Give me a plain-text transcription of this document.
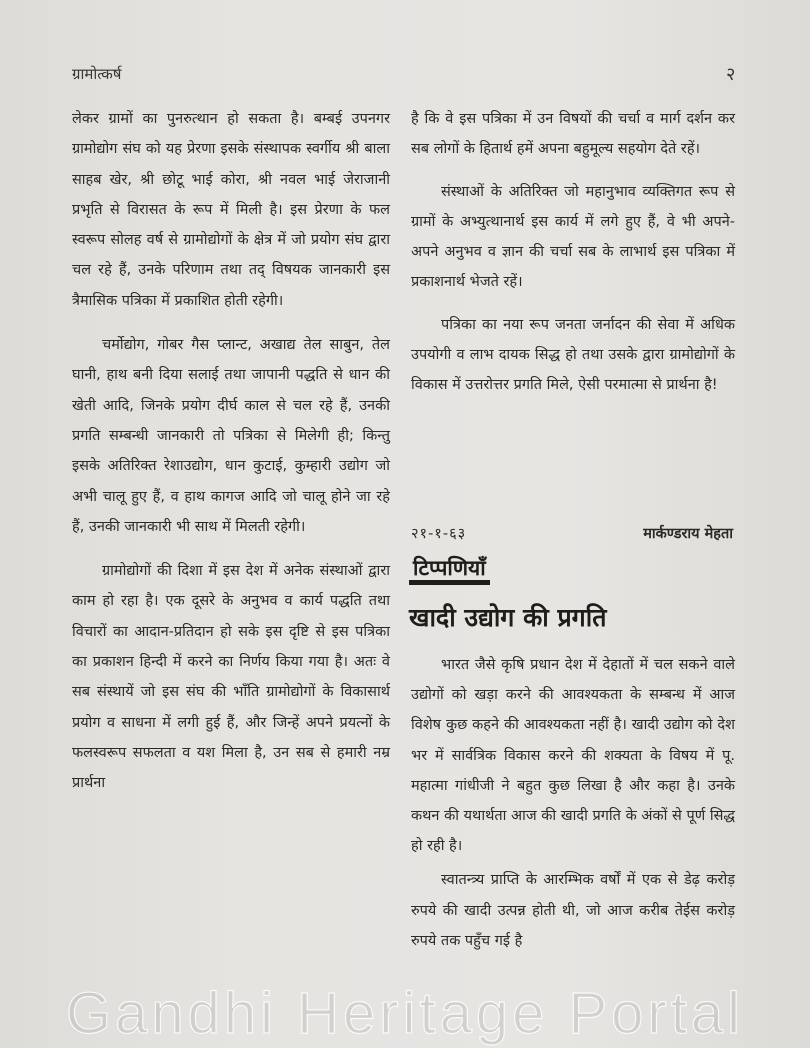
ग्रामोत्कर्ष	२

लेकर ग्रामों का पुनरुत्थान हो सकता है। बम्बई उपनगर ग्रामोद्योग संघ को यह प्रेरणा इसके संस्थापक स्वर्गीय श्री बाला साहब खेर, श्री छोटू भाई कोरा, श्री नवल भाई जेराजानी प्रभृति से विरासत के रूप में मिली है। इस प्रेरणा के फल स्वरूप सोलह वर्ष से ग्रामोद्योगों के क्षेत्र में जो प्रयोग संघ द्वारा चल रहे हैं, उनके परिणाम तथा तद् विषयक जानकारी इस त्रैमासिक पत्रिका में प्रकाशित होती रहेगी।

चर्मोद्योग, गोबर गैस प्लान्ट, अखाद्य तेल साबुन, तेल घानी, हाथ बनी दिया सलाई तथा जापानी पद्धति से धान की खेती आदि, जिनके प्रयोग दीर्घ काल से चल रहे हैं, उनकी प्रगति सम्बन्धी जानकारी तो पत्रिका से मिलेगी ही; किन्तु इसके अतिरिक्त रेशाउद्योग, धान कुटाई, कुम्हारी उद्योग जो अभी चालू हुए हैं, व हाथ कागज आदि जो चालू होने जा रहे हैं, उनकी जानकारी भी साथ में मिलती रहेगी।

ग्रामोद्योगों की दिशा में इस देश में अनेक संस्थाओं द्वारा काम हो रहा है। एक दूसरे के अनुभव व कार्य पद्धति तथा विचारों का आदान-प्रतिदान हो सके इस दृष्टि से इस पत्रिका का प्रकाशन हिन्दी में करने का निर्णय किया गया है। अतः वे सब संस्थायें जो इस संघ की भाँति ग्रामोद्योगों के विकासार्थ प्रयोग व साधना में लगी हुई हैं, और जिन्हें अपने प्रयत्नों के फलस्वरूप सफलता व यश मिला है, उन सब से हमारी नम्र प्रार्थना

है कि वे इस पत्रिका में उन विषयों की चर्चा व मार्ग दर्शन कर सब लोगों के हितार्थ हमें अपना बहुमूल्य सहयोग देते रहें।

संस्थाओं के अतिरिक्त जो महानुभाव व्यक्तिगत रूप से ग्रामों के अभ्युत्थानार्थ इस कार्य में लगे हुए हैं, वे भी अपने-अपने अनुभव व ज्ञान की चर्चा सब के लाभार्थ इस पत्रिका में प्रकाशनार्थ भेजते रहें।

पत्रिका का नया रूप जनता जर्नादन की सेवा में अधिक उपयोगी व लाभ दायक सिद्ध हो तथा उसके द्वारा ग्रामोद्योगों के विकास में उत्तरोत्तर प्रगति मिले, ऐसी परमात्मा से प्रार्थना है!

२१-१-६३	मार्कण्डराय मेहता
टिप्पणियाँ
खादी उद्योग की प्रगति

भारत जैसे कृषि प्रधान देश में देहातों में चल सकने वाले उद्योगों को खड़ा करने की आवश्यकता के सम्बन्ध में आज विशेष कुछ कहने की आवश्यकता नहीं है। खादी उद्योग को देश भर में सार्वत्रिक विकास करने की शक्यता के विषय में पू. महात्मा गांधीजी ने बहुत कुछ लिखा है और कहा है। उनके कथन की यथार्थता आज की खादी प्रगति के अंकों से पूर्ण सिद्ध हो रही है।

स्वातन्त्र्य प्राप्ति के आरम्भिक वर्षों में एक से डेढ़ करोड़ रुपये की खादी उत्पन्न होती थी, जो आज करीब तेईस करोड़ रुपये तक पहुँच गई है

Gandhi Heritage Portal
